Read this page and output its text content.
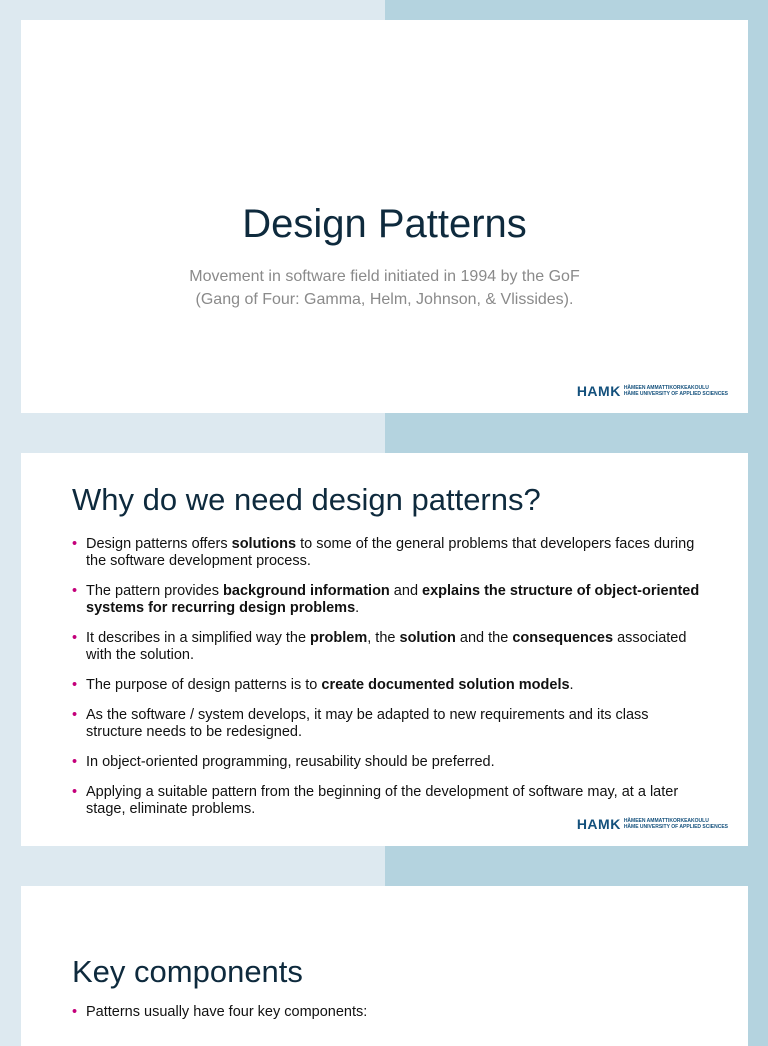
Design Patterns
Movement in software field initiated in 1994 by the GoF
(Gang of Four: Gamma, Helm, Johnson, & Vlissides).
HAMK HÄMEEN AMMATTIKORKEAKOULU
HÄME UNIVERSITY OF APPLIED SCIENCES
Why do we need design patterns?
• Design patterns offers solutions to some of the general problems that developers faces during the software development process.
• The pattern provides background information and explains the structure of object-oriented systems for recurring design problems.
• It describes in a simplified way the problem, the solution and the consequences associated with the solution.
• The purpose of design patterns is to create documented solution models.
• As the software / system develops, it may be adapted to new requirements and its class structure needs to be redesigned.
• In object-oriented programming, reusability should be preferred.
• Applying a suitable pattern from the beginning of the development of software may, at a later stage, eliminate problems.
HAMK HÄMEEN AMMATTIKORKEAKOULU
HÄME UNIVERSITY OF APPLIED SCIENCES
Key components
• Patterns usually have four key components:
